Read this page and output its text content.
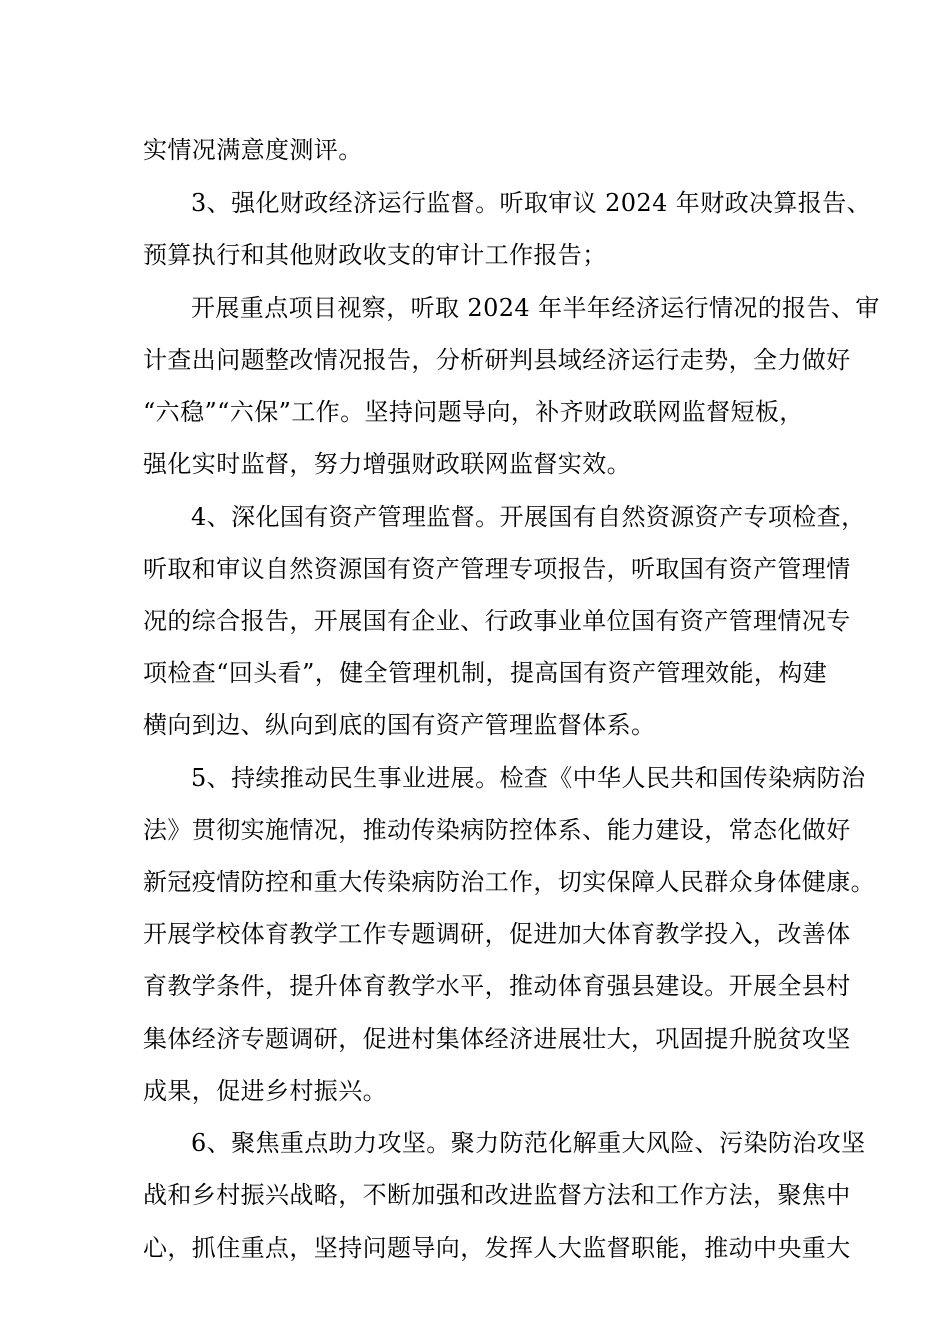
实情况满意度测评。
3、强化财政经济运行监督。听取审议 2024 年财政决算报告、
预算执行和其他财政收支的审计工作报告；
开展重点项目视察，听取 2024 年半年经济运行情况的报告、审
计查出问题整改情况报告，分析研判县域经济运行走势，全力做好
“六稳”“六保”工作。坚持问题导向，补齐财政联网监督短板，
强化实时监督，努力增强财政联网监督实效。
4、深化国有资产管理监督。开展国有自然资源资产专项检查，
听取和审议自然资源国有资产管理专项报告，听取国有资产管理情
况的综合报告，开展国有企业、行政事业单位国有资产管理情况专
项检查“回头看”，健全管理机制，提高国有资产管理效能，构建
横向到边、纵向到底的国有资产管理监督体系。
5、持续推动民生事业进展。检查《中华人民共和国传染病防治
法》贯彻实施情况，推动传染病防控体系、能力建设，常态化做好
新冠疫情防控和重大传染病防治工作，切实保障人民群众身体健康。
开展学校体育教学工作专题调研，促进加大体育教学投入，改善体
育教学条件，提升体育教学水平，推动体育强县建设。开展全县村
集体经济专题调研，促进村集体经济进展壮大，巩固提升脱贫攻坚
成果，促进乡村振兴。
6、聚焦重点助力攻坚。聚力防范化解重大风险、污染防治攻坚
战和乡村振兴战略，不断加强和改进监督方法和工作方法，聚焦中
心，抓住重点，坚持问题导向，发挥人大监督职能，推动中央重大
